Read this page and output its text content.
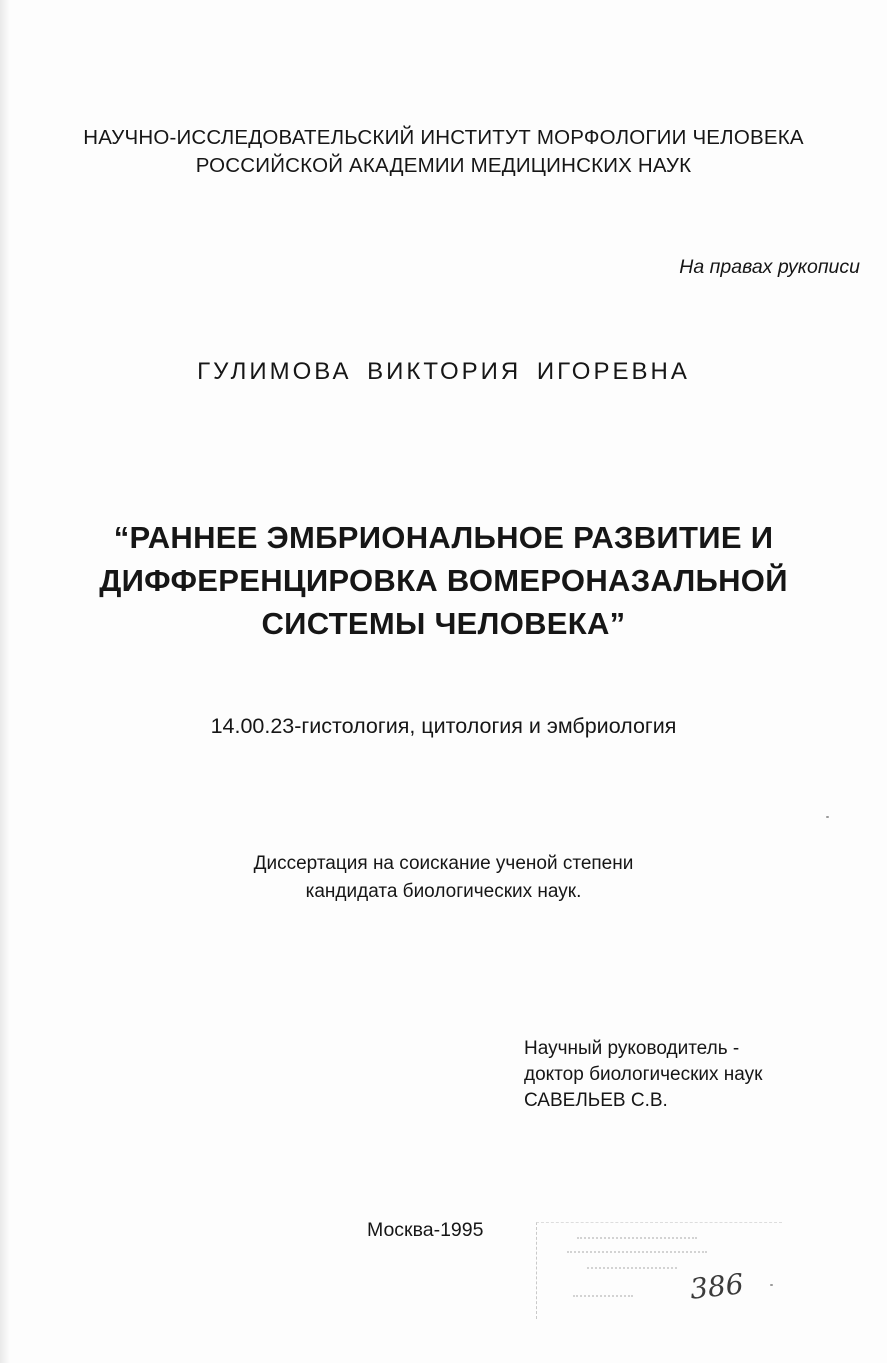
НАУЧНО-ИССЛЕДОВАТЕЛЬСКИЙ ИНСТИТУТ МОРФОЛОГИИ ЧЕЛОВЕКА
РОССИЙСКОЙ АКАДЕМИИ МЕДИЦИНСКИХ НАУК
На правах рукописи
ГУЛИМОВА ВИКТОРИЯ ИГОРЕВНА
“РАННЕЕ ЭМБРИОНАЛЬНОЕ РАЗВИТИЕ И
ДИФФЕРЕНЦИРОВКА ВОМЕРОНАЗАЛЬНОЙ
СИСТЕМЫ ЧЕЛОВЕКА”
14.00.23-гистология, цитология и эмбриология
Диссертация на соискание ученой степени
кандидата биологических наук.
Научный руководитель -
доктор биологических наук
САВЕЛЬЕВ С.В.
Москва-1995
386
